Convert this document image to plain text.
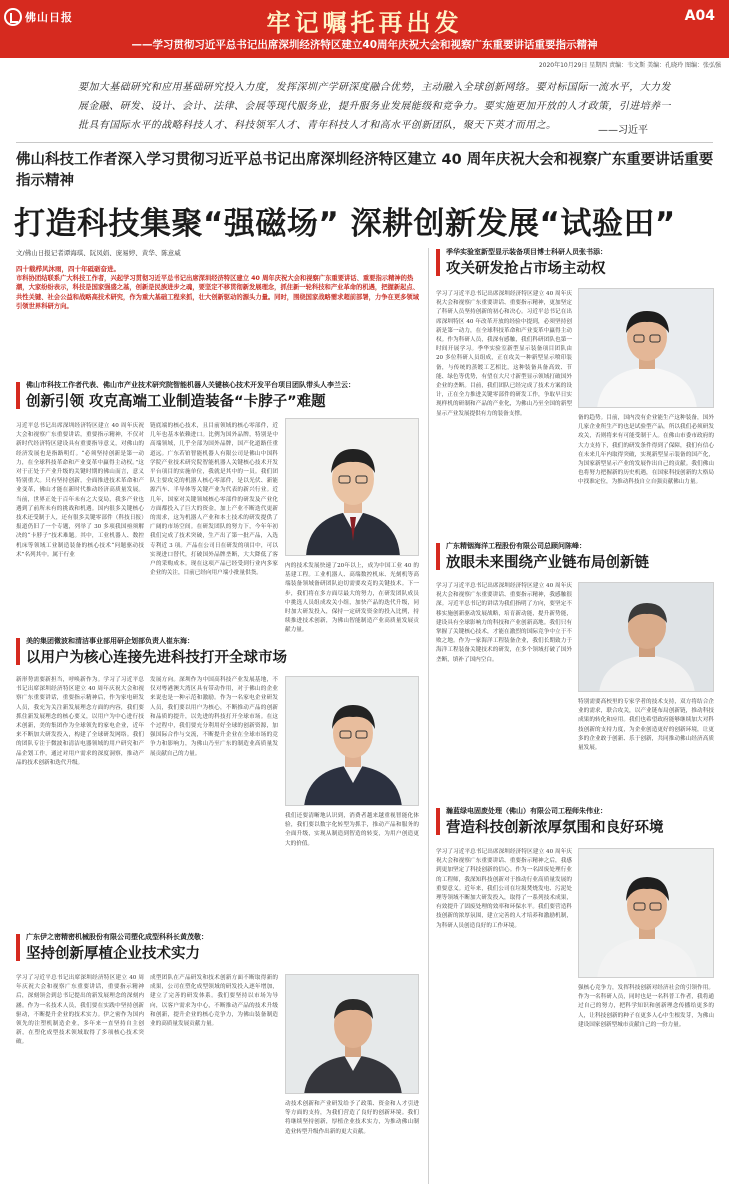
佛山日报	牢记嘱托再出发
——学习贯彻习近平总书记出席深圳经济特区建立40周年庆祝大会和视察广东重要讲话重要指示精神
A04
2020年10月29日 星期四 责编：韦文斯 美编：孔晓玲 图编：张弘强
要加大基础研究和应用基础研究投入力度，发挥深圳产学研深度融合优势，主动融入全球创新网络。要对标国际一流水平，大力发展金融、研发、设计、会计、法律、会展等现代服务业，提升服务业发展能级和竞争力。要实施更加开放的人才政策，引进培养一批具有国际水平的战略科技人才、科技领军人才、青年科技人才和高水平创新团队，聚天下英才而用之。	——习近平
佛山科技工作者深入学习贯彻习近平总书记出席深圳经济特区建立 40 周年庆祝大会和视察广东重要讲话重要指示精神
打造科技集聚“强磁场” 深耕创新发展“试验田”
文/佛山日报记者谭海琪、阮凤娟、庞易婷、黄华、陈意威
四十载栉风沐雨，四十年砥砺奋进。
市科协团结联系广大科技工作者，兴起学习贯彻习近平总书记出席深圳经济特区建立 40 周年庆祝大会和视察广东重要讲话、重要指示精神的热潮，大家纷纷表示，科技是国家强盛之基，创新是民族进步之魂，要坚定不移贯彻新发展理念，抓住新一轮科技和产业革命的机遇，把握新起点、共性关键、社会公益和战略高技术研究，作为重大基础工程来抓，壮大创新驱动的源头力量。同时，围绕国家战略需求超前部署，力争在更多领域引领世界科研方向。
佛山市科技工作者代表、佛山市产业技术研究院智能机器人关键核心技术开发平台项目团队带头人李兰云：
创新引领 攻克高端工业制造装备“卡脖子”难题
习近平总书记出席深圳经济特区建立 40 周年庆祝大会和视察广东重要讲话，重要指示精神，不仅对新时代经济特区建设具有重要指导意义，对佛山的经济发展也是指路明灯。“必须坚持创新是第一动力，在全球科技革命和产业变革中赢得主动权。”这对于正处于产业升级的关键时期的佛山而言，意义特别重大。只有坚持创新，全面推进技术革命和产业变革，佛山才能在新时代推动经济高质量发展。当前，世界正处于百年未有之大变局，我多产业也遇到了前所未有的挑战和机遇。国内很多关键核心技术还受制于人，还有很多关键零部件（科技日报）报道仍旧了一个专题，列举了 30 多项我国亟须解决的“卡脖子”技术难题。其中，工业机器人、数控机床等领域工业制造装备的核心技术“问题驱动技术”名列其中。属于行业
链底端的核心技术，且目前领域的核心零部件，近几年也基本依赖进口。比例为国外品牌，特别是中高端领域，几乎全部为国外品牌，国产化道路任重道远。广东若铂智能机器人有限公司是佛山中国科学院产业技术研究院智能机器人关键核心技术开发平台项目的实施单位，我就是其中的一员。我们团队主要攻克的机器人核心零部件，是以光伏、新能源汽车、半导体等关键产业为代表的新兴行业。近几年，国家对关键领域核心零部件的研发及产业化方面都投入了巨大的资金，加上产业不断迭代更新的需求，这为机器人产业和本土技术的研发提供了广阔的市场空间。在研发团队的努力下，今年年初我们完成了技术突破，生产出了第一批产品，入选专利近 3 项。产品在公司日在研发的项目中，可以实现进口替代，打破国外品牌垄断，大大降低了客户的采购成本。现在这项产品已经受到行业内多家企业的关注，目前已经向用户端小批量供货。
内的技术发展快速了20年以上，成为中国工业 40 的基建工程。工业机器人、高端数控机床、光刻机等高端装备领域备研团队迫切需要攻克的关键技术。下一步，我们将在多方面尽最大的努力，在研发团队成员中挑选人员组成攻关小组，加快产品的迭代升级，同时加大研发投入，保持一定研发资金的投入比例，持续推进技术创新，为佛山智能制造产业高质量发展贡献力量。
季华实验室新型显示装备项目博士科研人员张书添：
攻关研发抢占市场主动权
学习了习近平总书记出席深圳经济特区建立 40 周年庆祝大会和视察广东重要讲话、重要指示精神，更加坚定了科研人员坚持创新的初心和决心。习近平总书记在出席深圳特区 40 年改革开放的经验中提到，必须坚持创新是第一动力，在全球科技革命和产业变革中赢得主动权。作为科研人员，我深有感触，我们科研团队也第一时间开展学习。季华实验室新型显示装备项目团队由 20 多位科研人员组成，正在攻关一种新型显示喷印装备，与传统的蒸镀工艺相比，这种装备具备高效、节能、绿色等优势，有望在大尺寸新型显示领域打破国外企业的垄断。目前，我们团队已经完成了技术方案的设计，正在全力推进关键零部件的研发工作，争取早日实现样机的研制和产品的产业化，为佛山乃至全国的新型显示产业发展提供有力的装备支撑。
备的趋势。目前，国内没有企业能生产这种装备，国外几家企业所生产的也是试验型产品，所以我们必须研发攻关，否则将来有可能受制于人。在佛山市委市政府的大力支持下，我们的研发条件得到了保障，我们有信心在未来几年内取得突破，实现新型显示装备的国产化，为国家新型显示产业的发展作出自己的贡献。我们佛山也将努力把握新的历史机遇，在国家科技创新的大格局中找准定位，为推动科技自立自强贡献佛山力量。
美的集团微波和清洁事业部用研企划部负责人崔东海：
以用户为核心连接先进科技打开全球市场
新形势需要新担当，呼唤新作为。学习了习近平总书记出席深圳经济特区建立 40 周年庆祝大会和视察广东重要讲话，重要指示精神后，作为家电研发人员，我充为关注新发展理念方面的内容，我们要抓住新发展理念的核心要义，以用户为中心进行技术创新，美的集团作为全球领先的家电企业，近年来不断加大研发投入，构建了全球研发网络。我们的团队专注于微波和清洁电器领域的用户研究和产品企划工作，通过对用户需求的深度洞察，推动产品的技术创新和迭代升级。
发展方向。深圳作为中国高科技产业发展基地，不仅对粤港澳大湾区具有带动作用，对于佛山的企业来说也是一种示范和激励。作为一名家电企业研发人员，我们要以用户为核心，不断推动产品的创新和品质的提升，以先进的科技打开全球市场。在这个过程中，我们要充分利用好全球的创新资源，加强国际合作与交流，不断提升企业在全球市场的竞争力和影响力，为佛山乃至广东的制造业高质量发展贡献自己的力量。
我们还要清晰地认识到，消费者越来越重视智能化体验，我们要以数字化转型为抓手，推动产品和服务的全面升级，实现从制造到智造的转变，为用户创造更大的价值。
广东精铟海洋工程股份有限公司总顾问陈峰：
放眼未来围绕产业链布局创新链
学习了习近平总书记出席深圳经济特区建立 40 周年庆祝大会和视察广东重要讲话、重要指示精神，我感触很深。习近平总书记的讲话为我们指明了方向，要坚定不移实施创新驱动发展战略，培育新动能，提升新势能，建设具有全球影响力的科技和产业创新高地。我们只有掌握了关键核心技术，才能在激烈的国际竞争中立于不败之地。作为一家海洋工程装备企业，我们长期致力于海洋工程装备关键技术的研发，在多个领域打破了国外垄断，填补了国内空白。
特别需要高校里的专家学者的技术支持，双方将结合企业的需求，联合攻关，以产业链布局创新链，推动科技成果的转化和应用。我们也希望政府能够继续加大对科技创新的支持力度，为企业创造更好的创新环境，让更多的企业敢于创新、乐于创新，共同推动佛山经济高质量发展。
瀚蓝绿电固废处理（佛山）有限公司工程师朱伟业：
营造科技创新浓厚氛围和良好环境
学习了习近平总书记出席深圳经济特区建立 40 周年庆祝大会和视察广东重要讲话、重要指示精神之后，我感到更加坚定了科技创新的信心。作为一名固废处理行业的工程师，我深知科技创新对于推动行业高质量发展的重要意义。近年来，我们公司在垃圾焚烧发电、污泥处理等领域不断加大研发投入，取得了一系列技术成果，有效提升了固废处理的效率和环保水平。我们要营造科技创新的浓厚氛围，建立完善的人才培养和激励机制，为科研人员创造良好的工作环境。
强核心竞争力，发挥科技创新对经济社会的引领作用。作为一名科研人员，同时也是一名科普工作者，我将通过自己的努力，把科学知识和创新理念传播给更多的人，让科技创新的种子在更多人心中生根发芽，为佛山建设国家创新型城市贡献自己的一份力量。
广东伊之密精密机械股份有限公司塑化成型科科长黄茂敬：
坚持创新厚植企业技术实力
学习了习近平总书记出席深圳经济特区建立 40 周年庆祝大会和视察广东重要讲话，重要指示精神后，深刻领会到总书记提出的新发展理念的深刻内涵。作为一名技术人员，我们要在实践中坚持创新驱动，不断提升企业的技术实力。伊之密作为国内领先的注塑机制造企业，多年来一直坚持自主创新，在塑化成型技术领域取得了多项核心技术突破。
成型团队在产品研发和技术创新方面不断取得新的成果，公司在塑化成型领域的研发投入逐年增加，建立了完善的研发体系。我们要坚持以市场为导向，以客户需求为中心，不断推动产品的技术升级和创新，提升企业的核心竞争力，为佛山装备制造业的高质量发展贡献力量。
动技术创新和产业研发给予了政策、资金和人才引进等方面的支持，为我们营造了良好的创新环境。我们将继续坚持创新，厚植企业技术实力，为推动佛山制造业转型升级作出新的更大贡献。
